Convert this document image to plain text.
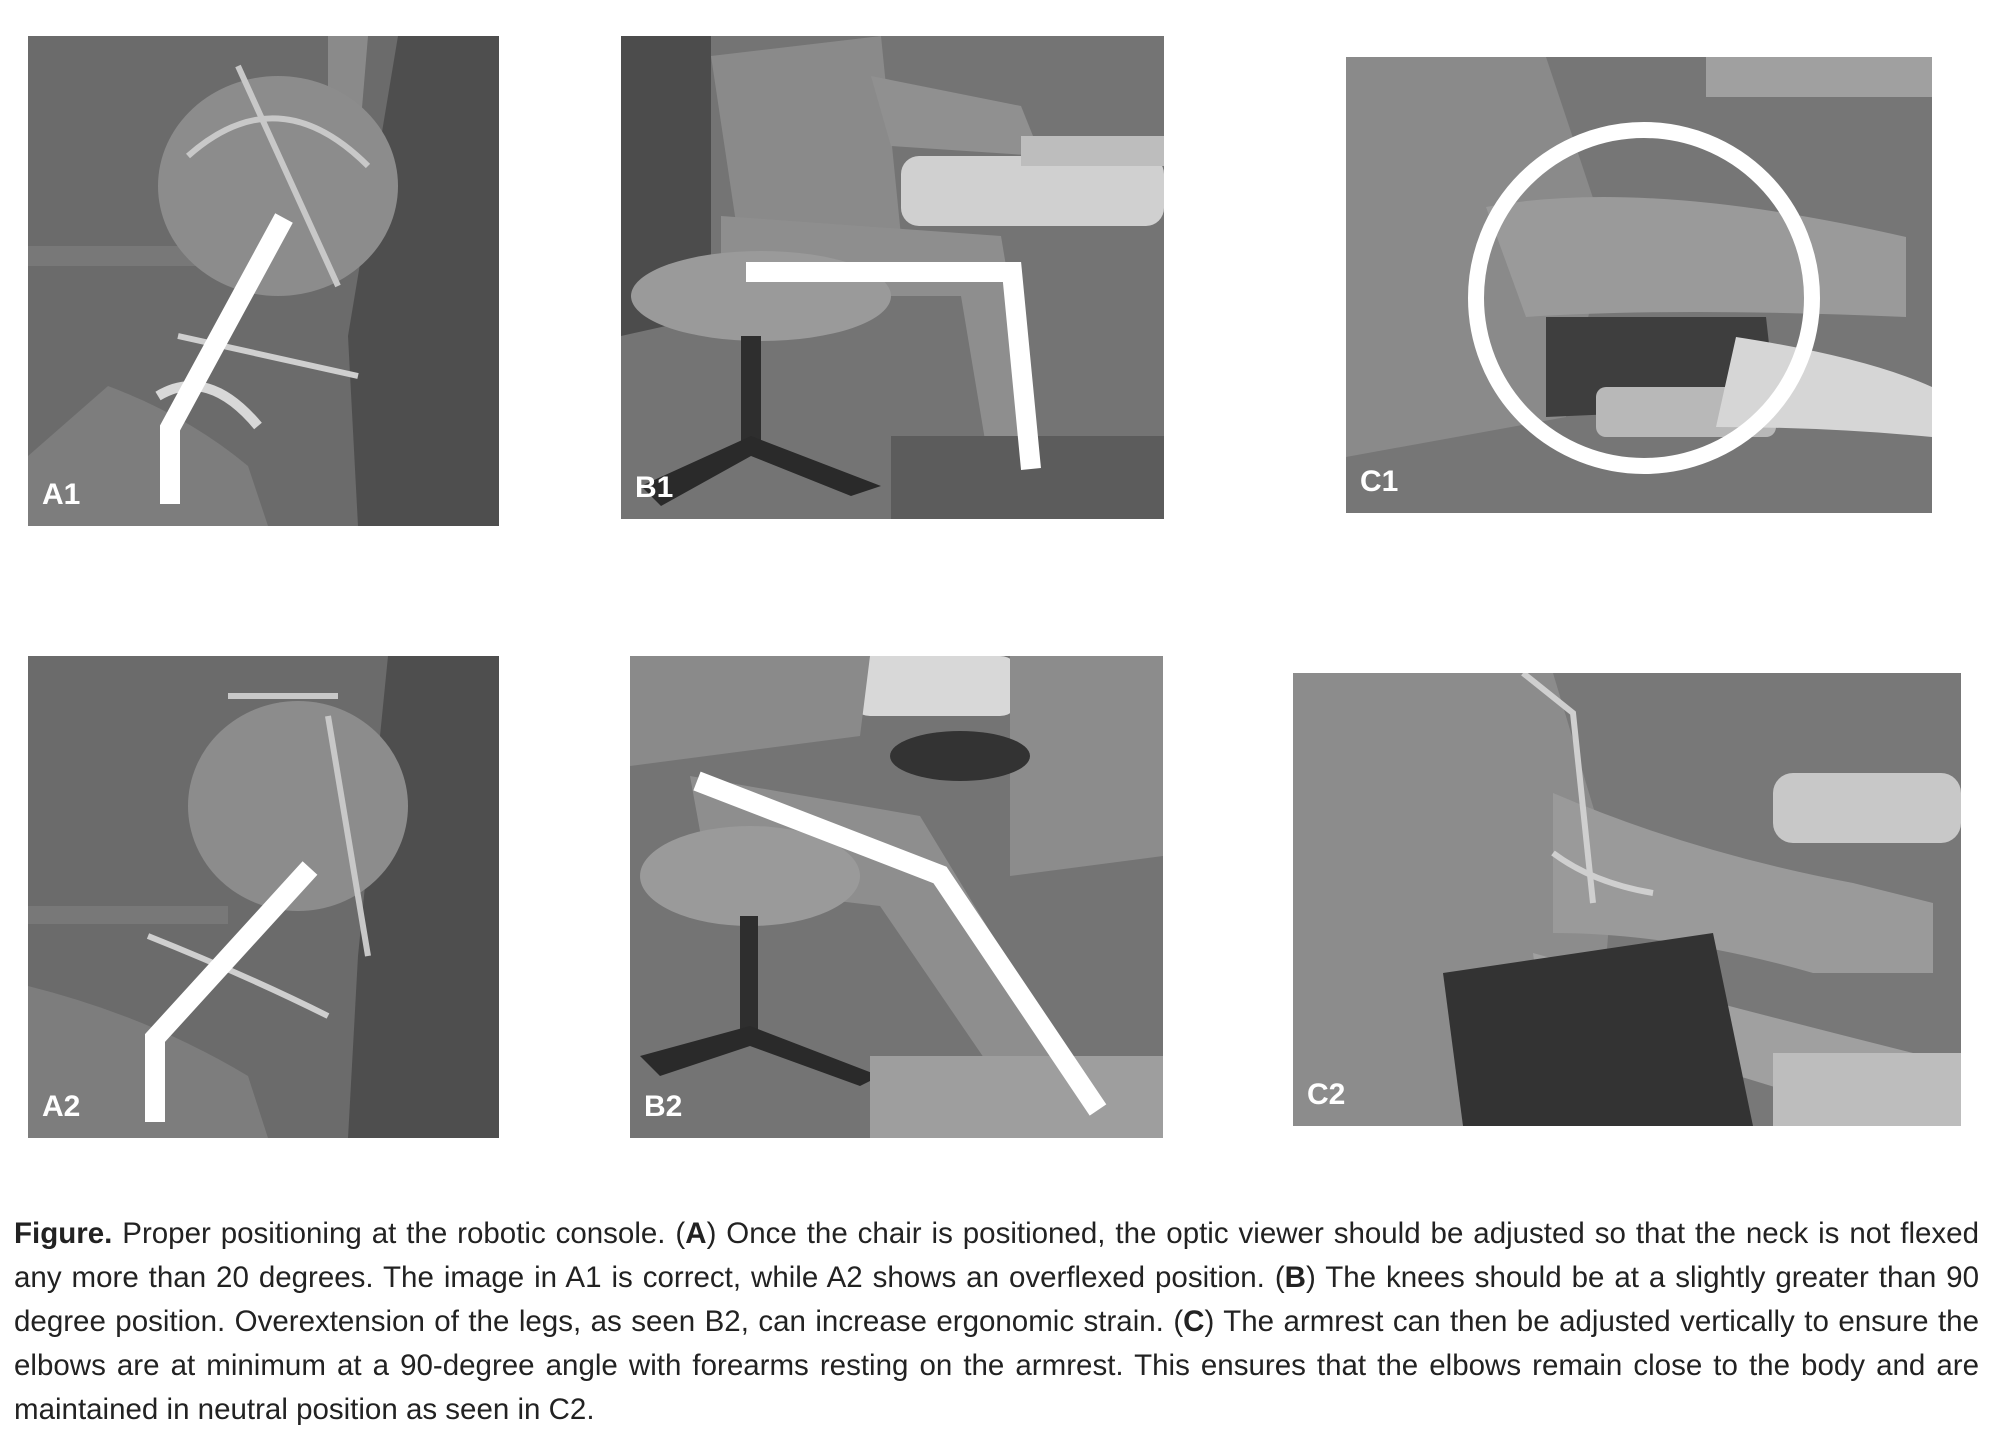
A1	B1	C1
A2	B2	C2

Figure. Proper positioning at the robotic console. (A) Once the chair is positioned, the optic viewer should be adjusted so that the neck is not flexed any more than 20 degrees. The image in A1 is correct, while A2 shows an overflexed position. (B) The knees should be at a slightly greater than 90 degree position. Overextension of the legs, as seen B2, can increase ergonomic strain. (C) The armrest can then be adjusted vertically to ensure the elbows are at minimum at a 90-degree angle with forearms resting on the armrest. This ensures that the elbows remain close to the body and are maintained in neutral position as seen in C2.
